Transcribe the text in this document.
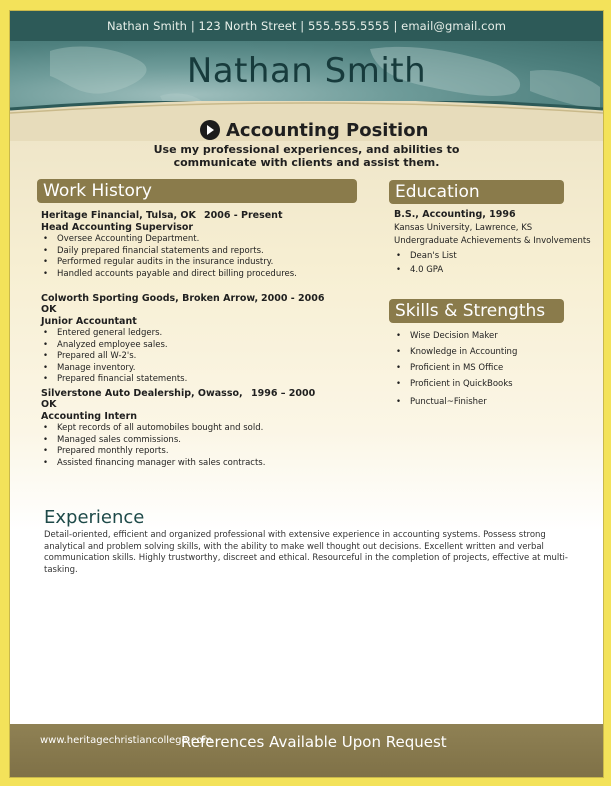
Nathan Smith | 123 North Street | 555.555.5555 | email@gmail.com
Nathan Smith
Accounting Position
Use my professional experiences, and abilities to communicate with clients and assist them.
Work History
Heritage Financial, Tulsa, OK 2006 - Present
Head Accounting Supervisor
• Oversee Accounting Department.
• Daily prepared financial statements and reports.
• Performed regular audits in the insurance industry.
• Handled accounts payable and direct billing procedures.
Colworth Sporting Goods, Broken Arrow, OK
2000 - 2006
Junior Accountant
• Entered general ledgers.
• Analyzed employee sales.
• Prepared all W-2's.
• Manage inventory.
• Prepared financial statements.
Silverstone Auto Dealership, Owasso, OK
1996 – 2000
Accounting Intern
• Kept records of all automobiles bought and sold.
• Managed sales commissions.
• Prepared monthly reports.
• Assisted financing manager with sales contracts.
Education
B.S., Accounting, 1996
Kansas University, Lawrence, KS
Undergraduate Achievements & Involvements
• Dean's List
• 4.0 GPA
Skills & Strengths
• Wise Decision Maker
• Knowledge in Accounting
• Proficient in MS Office
• Proficient in QuickBooks
• Punctual~Finisher
Experience
Detail-oriented, efficient and organized professional with extensive experience in accounting systems. Possess strong analytical and problem solving skills, with the ability to make well thought out decisions. Excellent written and verbal communication skills. Highly trustworthy, discreet and ethical. Resourceful in the completion of projects, effective at multi-tasking.
References Available Upon Request
www.heritagechristiancollege.com
